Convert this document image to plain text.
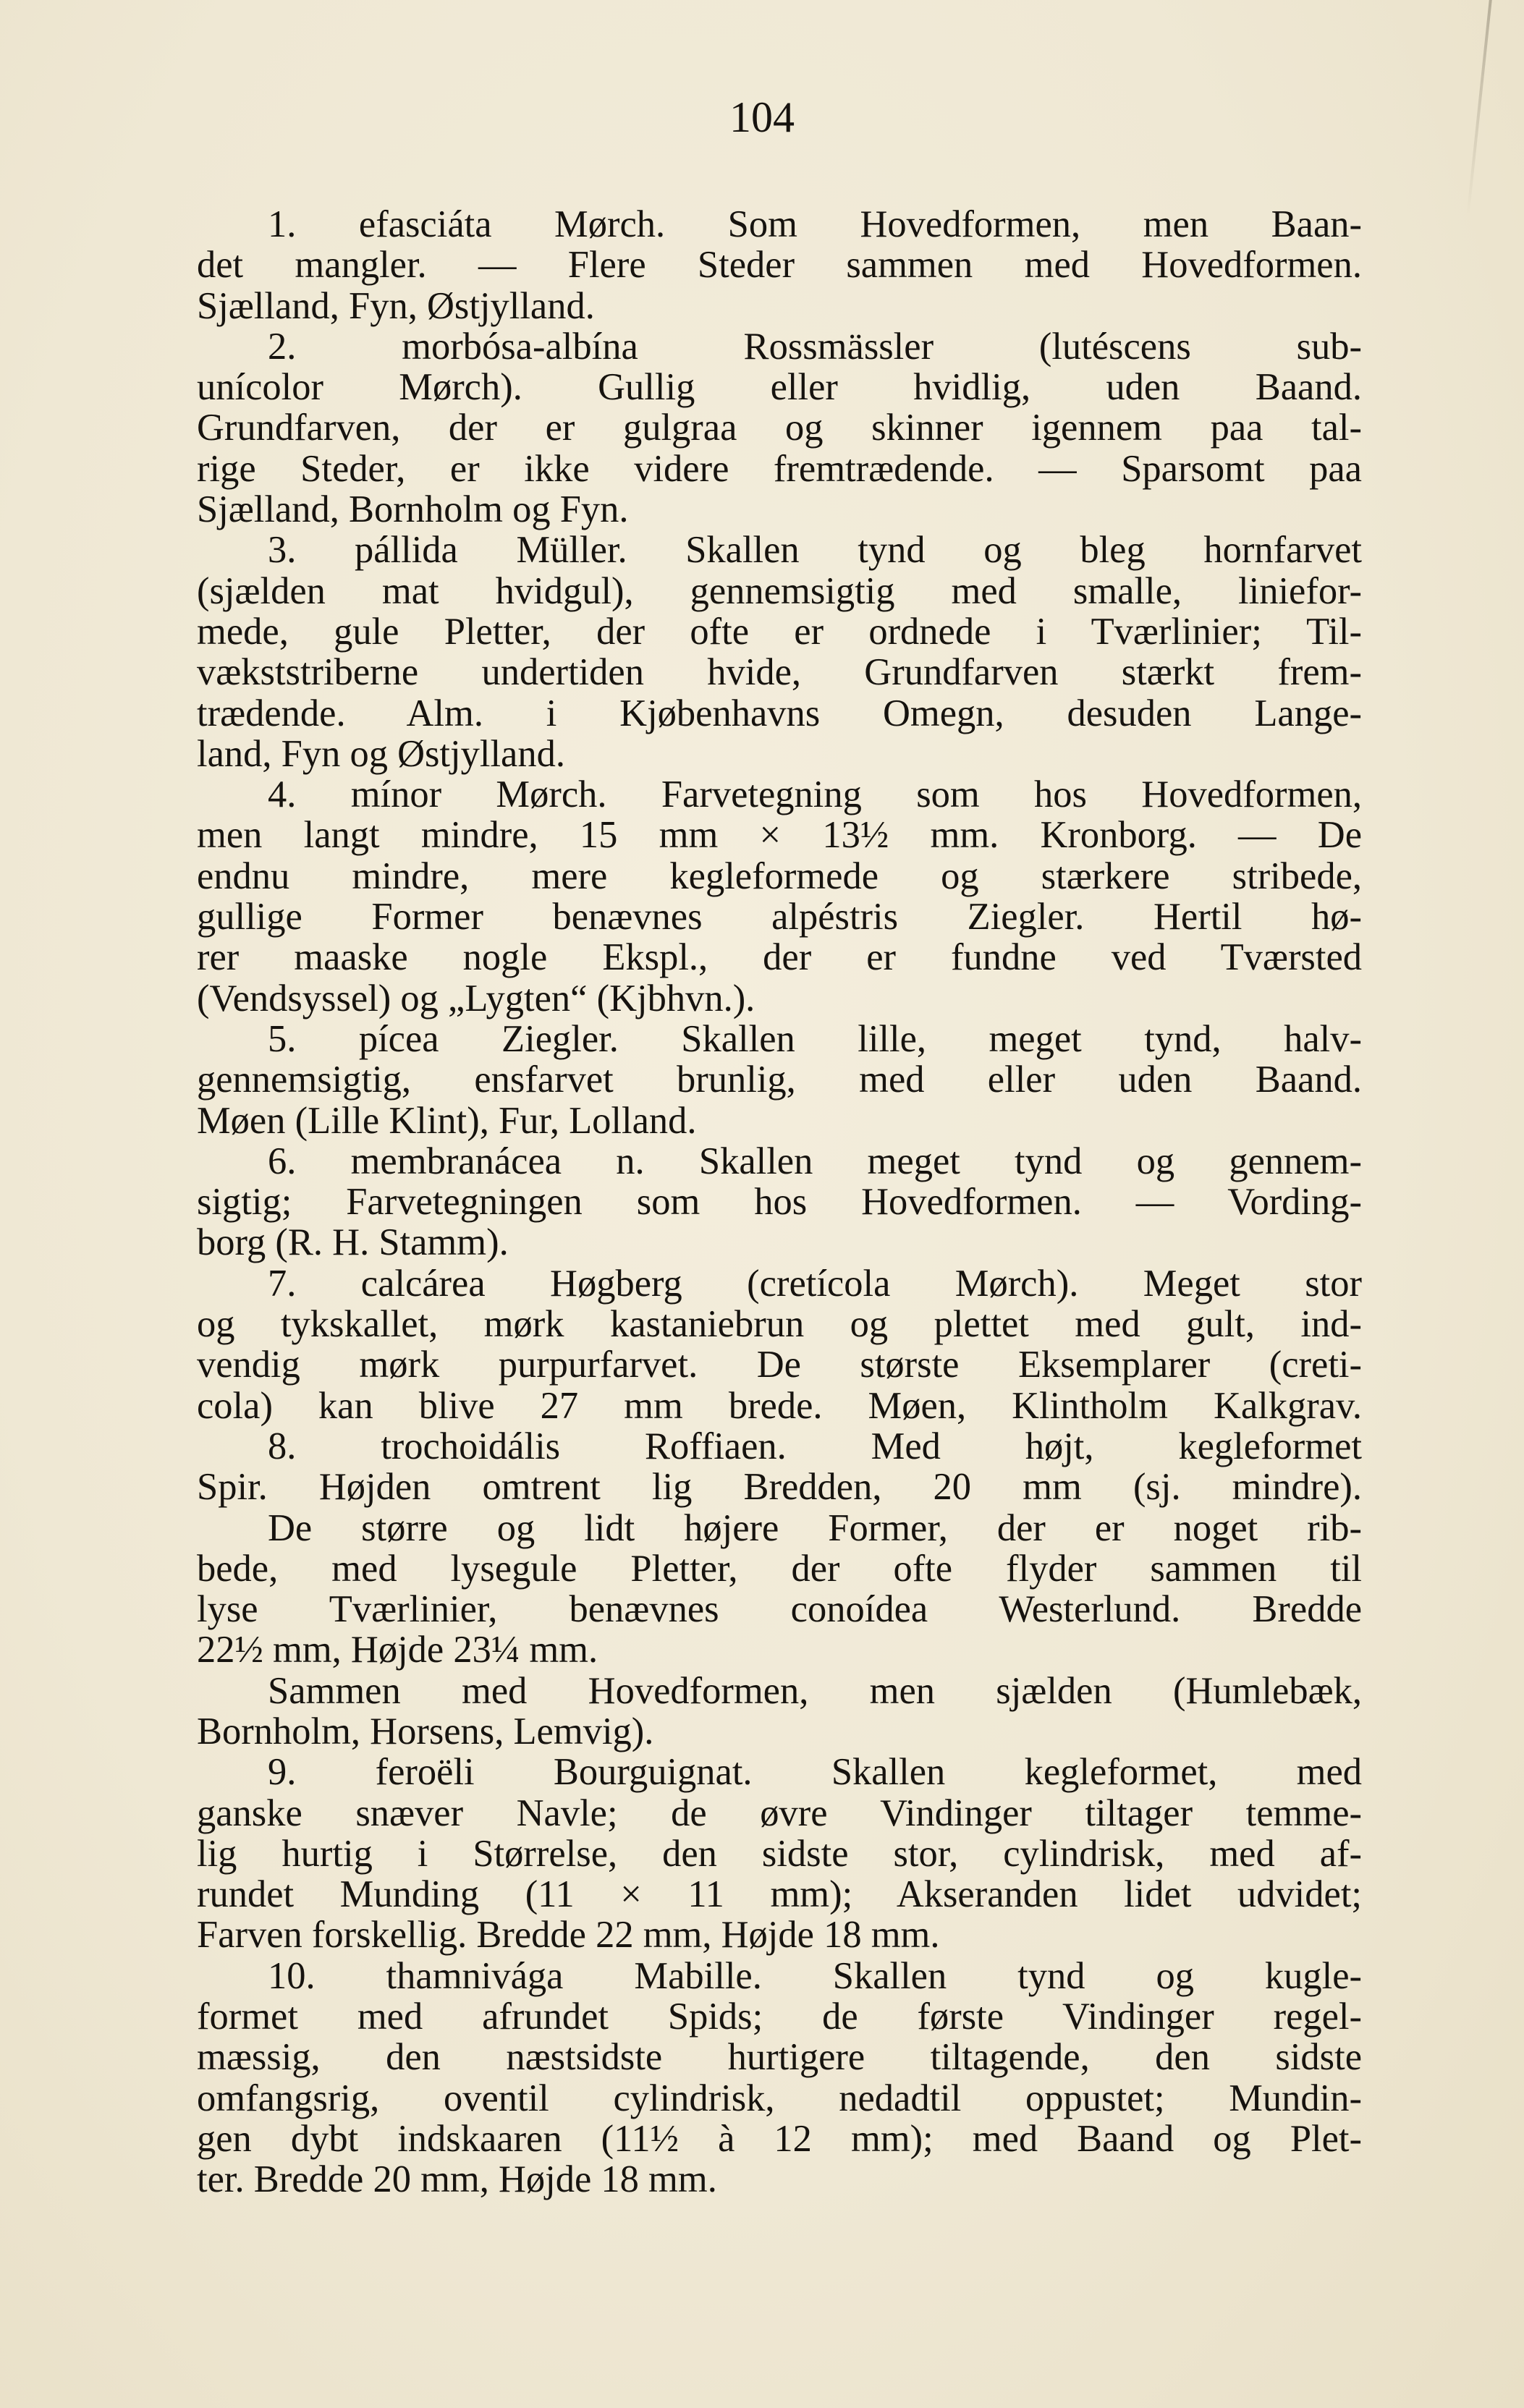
104
1. efasciáta Mørch. Som Hovedformen, men Baan-
det mangler. — Flere Steder sammen med Hovedformen.
Sjælland, Fyn, Østjylland.
2. morbósa-albína Rossmässler (lutéscens sub-
unícolor Mørch). Gullig eller hvidlig, uden Baand.
Grundfarven, der er gulgraa og skinner igennem paa tal-
rige Steder, er ikke videre fremtrædende. — Sparsomt paa
Sjælland, Bornholm og Fyn.
3. pállida Müller. Skallen tynd og bleg hornfarvet
(sjælden mat hvidgul), gennemsigtig med smalle, liniefor-
mede, gule Pletter, der ofte er ordnede i Tværlinier; Til-
vækststriberne undertiden hvide, Grundfarven stærkt frem-
trædende. Alm. i Kjøbenhavns Omegn, desuden Lange-
land, Fyn og Østjylland.
4. mínor Mørch. Farvetegning som hos Hovedformen,
men langt mindre, 15 mm × 13½ mm. Kronborg. — De
endnu mindre, mere kegleformede og stærkere stribede,
gullige Former benævnes alpéstris Ziegler. Hertil hø-
rer maaske nogle Ekspl., der er fundne ved Tværsted
(Vendsyssel) og „Lygten“ (Kjbhvn.).
5. pícea Ziegler. Skallen lille, meget tynd, halv-
gennemsigtig, ensfarvet brunlig, med eller uden Baand.
Møen (Lille Klint), Fur, Lolland.
6. membranácea n. Skallen meget tynd og gennem-
sigtig; Farvetegningen som hos Hovedformen. — Vording-
borg (R. H. Stamm).
7. calcárea Høgberg (cretícola Mørch). Meget stor
og tykskallet, mørk kastaniebrun og plettet med gult, ind-
vendig mørk purpurfarvet. De største Eksemplarer (creti-
cola) kan blive 27 mm brede. Møen, Klintholm Kalkgrav.
8. trochoidális Roffiaen. Med højt, kegleformet
Spir. Højden omtrent lig Bredden, 20 mm (sj. mindre).
De større og lidt højere Former, der er noget rib-
bede, med lysegule Pletter, der ofte flyder sammen til
lyse Tværlinier, benævnes conoídea Westerlund. Bredde
22½ mm, Højde 23¼ mm.
Sammen med Hovedformen, men sjælden (Humlebæk,
Bornholm, Horsens, Lemvig).
9. feroëli Bourguignat. Skallen kegleformet, med
ganske snæver Navle; de øvre Vindinger tiltager temme-
lig hurtig i Størrelse, den sidste stor, cylindrisk, med af-
rundet Munding (11 × 11 mm); Akseranden lidet udvidet;
Farven forskellig. Bredde 22 mm, Højde 18 mm.
10. thamnivága Mabille. Skallen tynd og kugle-
formet med afrundet Spids; de første Vindinger regel-
mæssig, den næstsidste hurtigere tiltagende, den sidste
omfangsrig, oventil cylindrisk, nedadtil oppustet; Mundin-
gen dybt indskaaren (11½ à 12 mm); med Baand og Plet-
ter. Bredde 20 mm, Højde 18 mm.
